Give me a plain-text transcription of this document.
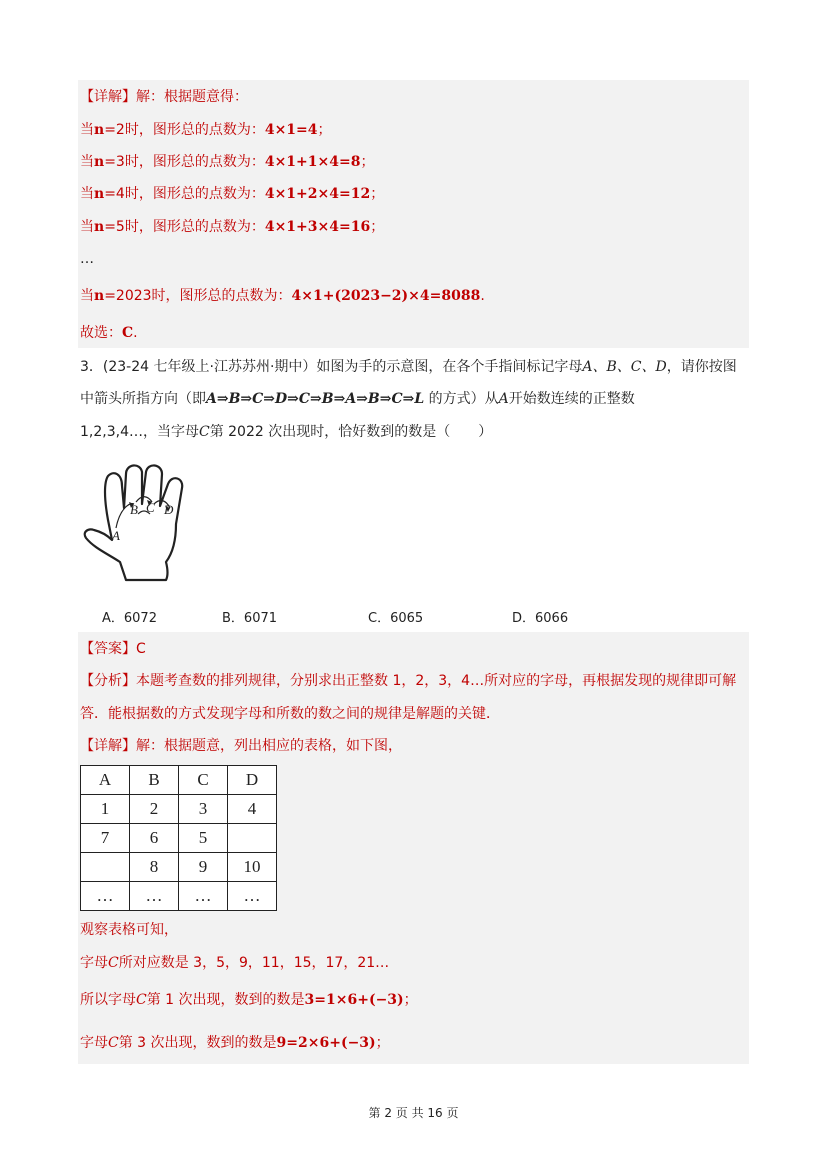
【详解】解：根据题意得：
当n=2时，图形总的点数为：4×1=4；
当n=3时，图形总的点数为：4×1+1×4=8；
当n=4时，图形总的点数为：4×1+2×4=12；
当n=5时，图形总的点数为：4×1+3×4=16；
…
当n=2023时，图形总的点数为：4×1+(2023−2)×4=8088.
故选：C.
3．(23-24 七年级上·江苏苏州·期中）如图为手的示意图，在各个手指间标记字母A、B、C、D，请你按图
中箭头所指方向（即A⇒B⇒C⇒D⇒C⇒B⇒A⇒B⇒C⇒L 的方式）从A开始数连续的正整数
1,2,3,4…，当字母C第 2022 次出现时，恰好数到的数是（　　）
A
B C D
A．6072	B．6071	C．6065	D．6066
【答案】C
【分析】本题考查数的排列规律，分别求出正整数 1，2，3，4…所对应的字母，再根据发现的规律即可解
答．能根据数的方式发现字母和所数的数之间的规律是解题的关键．
【详解】解：根据题意，列出相应的表格，如下图，
A	B	C	D
1	2	3	4
7	6	5	
	8	9	10
…	…	…	…
观察表格可知，
字母C所对应数是 3，5，9，11，15，17，21…
所以字母C第 1 次出现，数到的数是3=1×6+(−3)；
字母C第 3 次出现，数到的数是9=2×6+(−3)；
第 2 页 共 16 页
